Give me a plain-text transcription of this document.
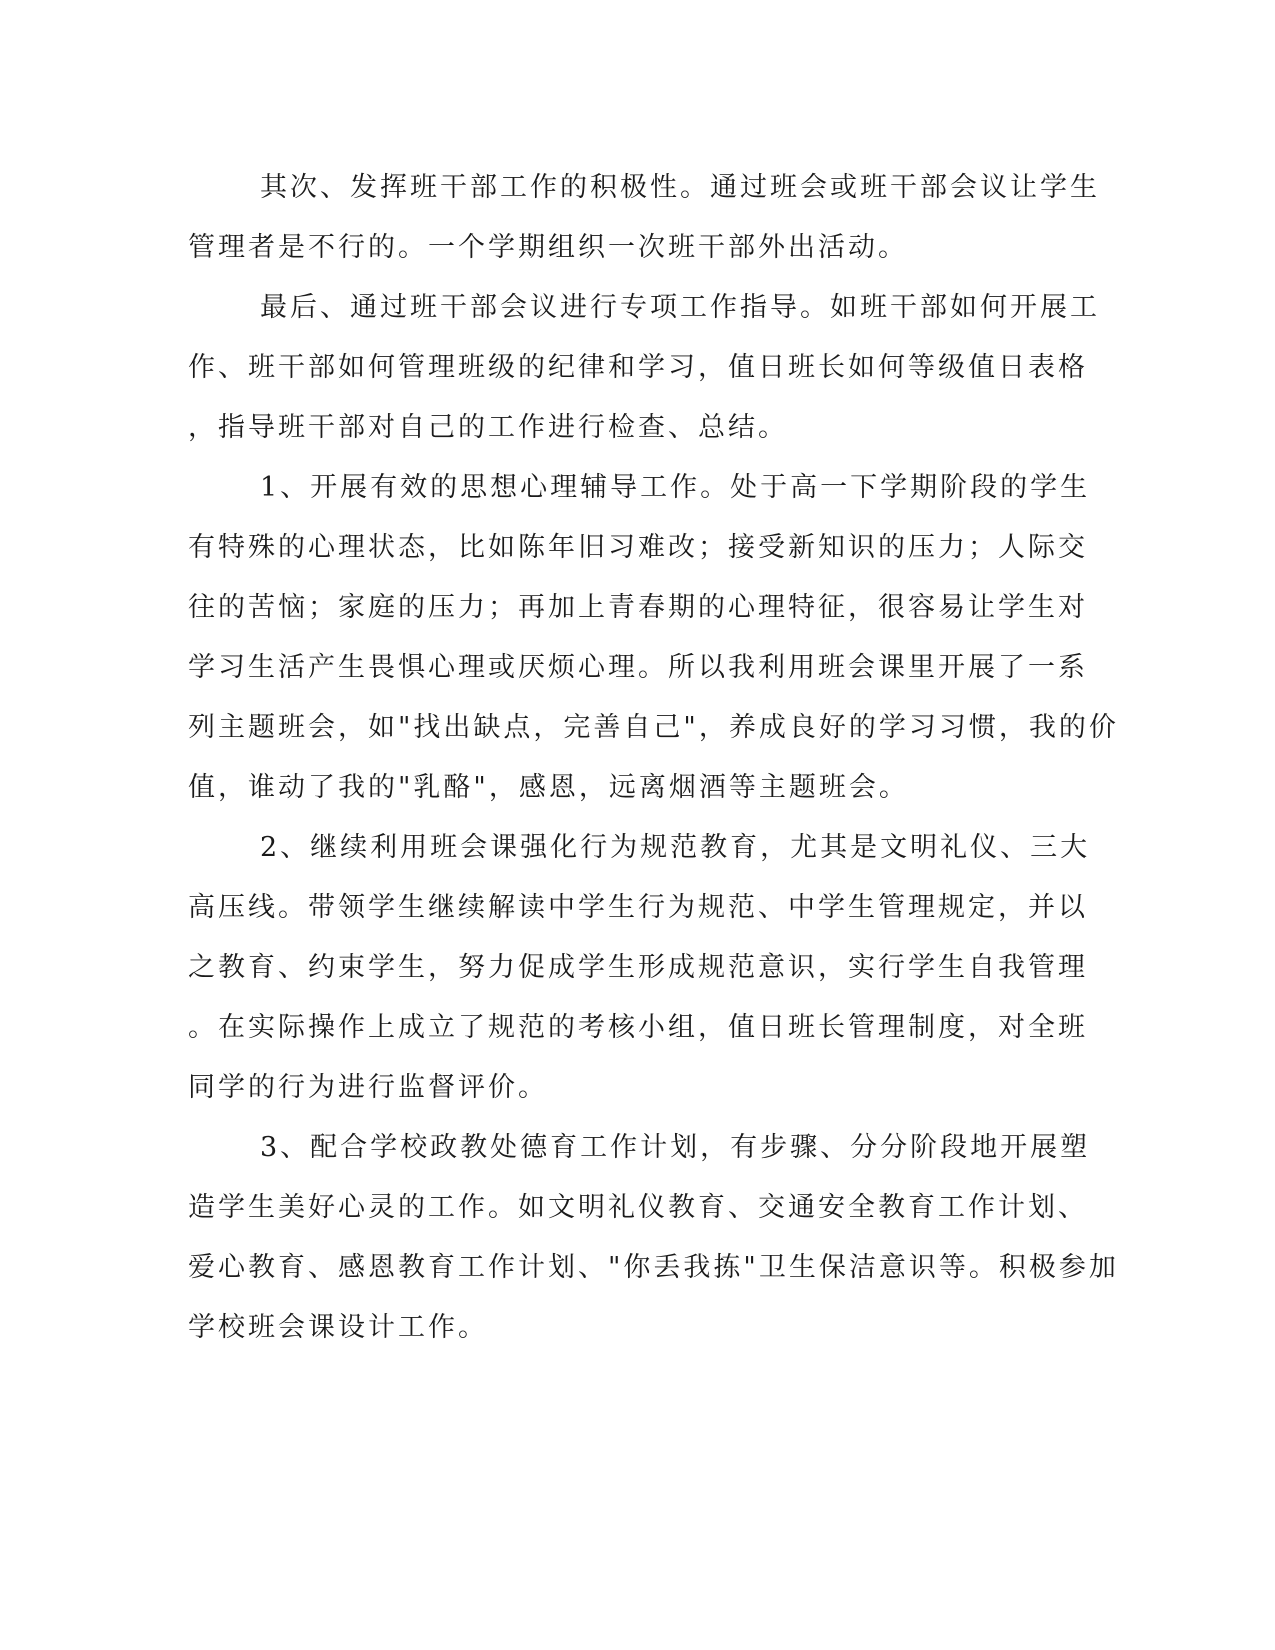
其次、发挥班干部工作的积极性。通过班会或班干部会议让学生
管理者是不行的。一个学期组织一次班干部外出活动。
最后、通过班干部会议进行专项工作指导。如班干部如何开展工
作、班干部如何管理班级的纪律和学习，值日班长如何等级值日表格
，指导班干部对自己的工作进行检查、总结。
1、开展有效的思想心理辅导工作。处于高一下学期阶段的学生
有特殊的心理状态，比如陈年旧习难改；接受新知识的压力；人际交
往的苦恼；家庭的压力；再加上青春期的心理特征，很容易让学生对
学习生活产生畏惧心理或厌烦心理。所以我利用班会课里开展了一系
列主题班会，如"找出缺点，完善自己"，养成良好的学习习惯，我的价
值，谁动了我的"乳酪"，感恩，远离烟酒等主题班会。
2、继续利用班会课强化行为规范教育，尤其是文明礼仪、三大
高压线。带领学生继续解读中学生行为规范、中学生管理规定，并以
之教育、约束学生，努力促成学生形成规范意识，实行学生自我管理
。在实际操作上成立了规范的考核小组，值日班长管理制度，对全班
同学的行为进行监督评价。
3、配合学校政教处德育工作计划，有步骤、分分阶段地开展塑
造学生美好心灵的工作。如文明礼仪教育、交通安全教育工作计划、
爱心教育、感恩教育工作计划、"你丢我拣"卫生保洁意识等。积极参加
学校班会课设计工作。
